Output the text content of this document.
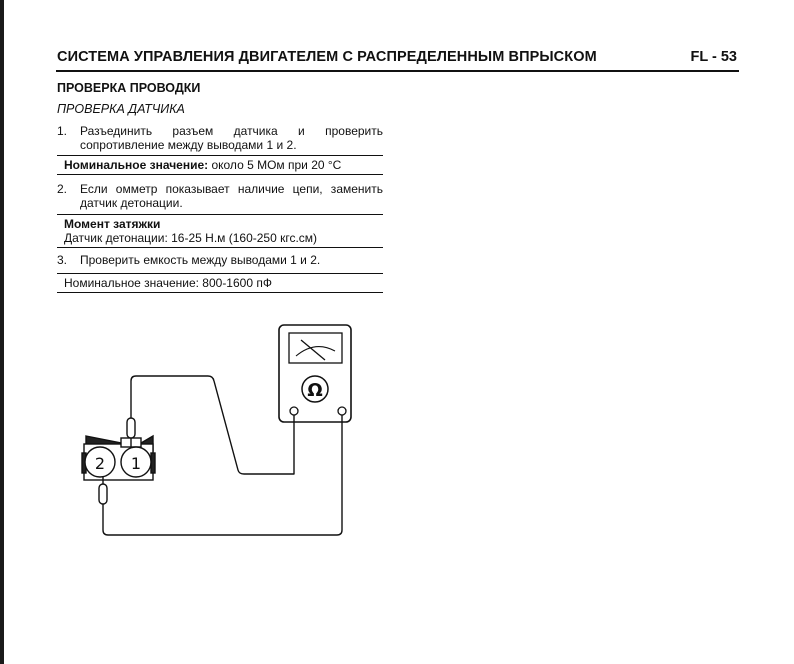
СИСТЕМА УПРАВЛЕНИЯ ДВИГАТЕЛЕМ С РАСПРЕДЕЛЕННЫМ ВПРЫСКОМ	FL - 53
ПРОВЕРКА ПРОВОДКИ
ПРОВЕРКА ДАТЧИКА
1. Разъединить разъем датчика и проверить сопротивление между выводами 1 и 2.
Номинальное значение: около 5 МОм при 20 °С
2. Если омметр показывает наличие цепи, заменить датчик детонации.
Момент затяжки
Датчик детонации: 16-25 Н.м (160-250 кгс.см)
3. Проверить емкость между выводами 1 и 2.
Номинальное значение: 800-1600 пФ
Ω
2 1
